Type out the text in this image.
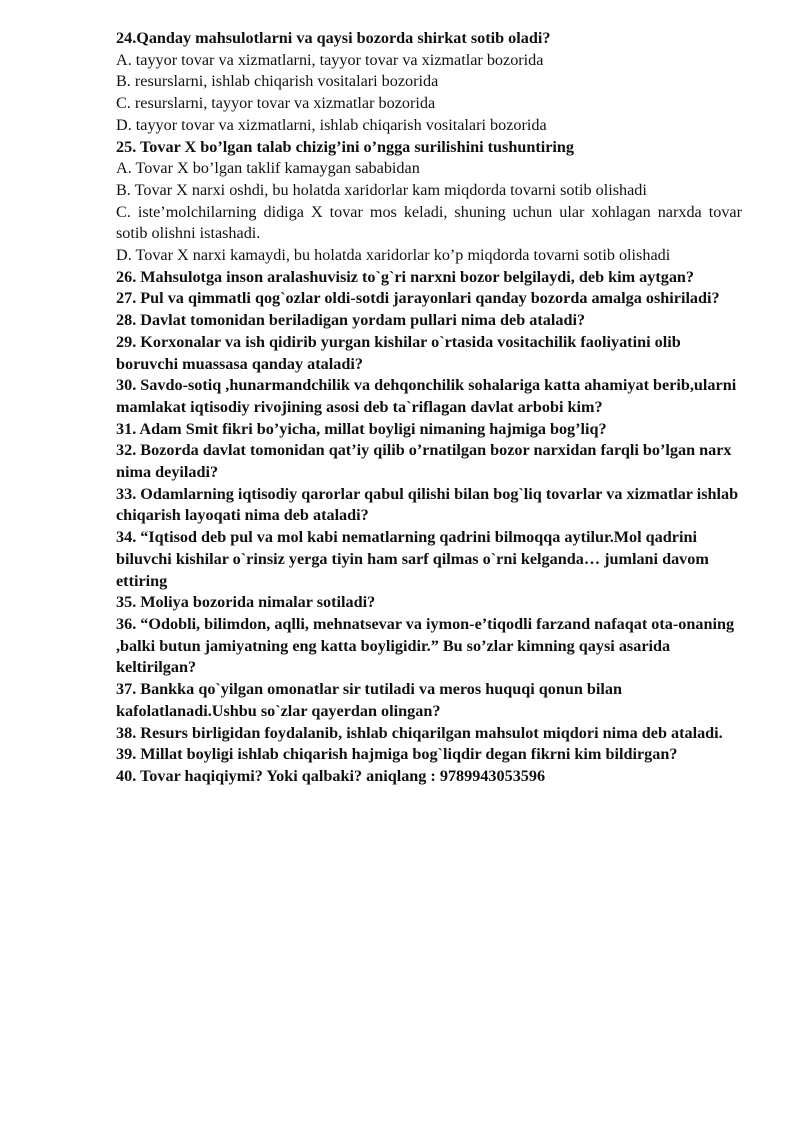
24.Qanday mahsulotlarni va qaysi bozorda shirkat sotib oladi?

A. tayyor tovar va xizmatlarni, tayyor tovar va xizmatlar bozorida

B. resurslarni, ishlab chiqarish vositalari bozorida

C. resurslarni, tayyor tovar va xizmatlar bozorida

D. tayyor tovar va xizmatlarni, ishlab chiqarish vositalari bozorida

25. Tovar X bo’lgan talab chizig’ini o’ngga surilishini tushuntiring

A. Tovar X bo’lgan taklif kamaygan sababidan

B. Tovar X narxi oshdi, bu holatda xaridorlar kam miqdorda tovarni sotib olishadi

C. iste’molchilarning didiga X tovar mos keladi, shuning uchun ular xohlagan narxda tovar sotib olishni istashadi.

D. Tovar X narxi kamaydi, bu holatda xaridorlar ko’p miqdorda tovarni sotib olishadi

26. Mahsulotga inson aralashuvisiz to`g`ri narxni bozor belgilaydi, deb kim aytgan?

27. Pul va qimmatli qog`ozlar oldi-sotdi jarayonlari qanday bozorda amalga oshiriladi?

28. Davlat tomonidan beriladigan yordam pullari nima deb ataladi?

29. Korxonalar va ish qidirib yurgan kishilar o`rtasida vositachilik faoliyatini olib boruvchi muassasa qanday ataladi?

30. Savdo-sotiq ,hunarmandchilik va dehqonchilik sohalariga katta ahamiyat berib,ularni mamlakat iqtisodiy rivojining asosi deb ta`riflagan davlat arbobi kim?

31. Adam Smit fikri bo’yicha, millat boyligi nimaning hajmiga bog’liq?

32. Bozorda davlat tomonidan qat’iy qilib o’rnatilgan bozor narxidan farqli bo’lgan narx nima deyiladi?

33. Odamlarning iqtisodiy qarorlar qabul qilishi bilan bog`liq tovarlar va xizmatlar ishlab chiqarish layoqati nima deb ataladi?

34. “Iqtisod deb pul va mol kabi nematlarning qadrini bilmoqqa aytilur.Mol qadrini biluvchi kishilar o`rinsiz yerga tiyin ham sarf qilmas o`rni kelganda… jumlani davom ettiring

35. Moliya bozorida nimalar sotiladi?

36. “Odobli, bilimdon, aqlli, mehnatsevar va iymon-e’tiqodli farzand nafaqat ota-onaning ,balki butun jamiyatning eng katta boyligidir.” Bu so’zlar kimning qaysi asarida keltirilgan?

37. Bankka qo`yilgan omonatlar sir tutiladi va meros huquqi qonun bilan kafolatlanadi.Ushbu so`zlar qayerdan olingan?

38. Resurs birligidan foydalanib, ishlab chiqarilgan mahsulot miqdori nima deb ataladi.

39. Millat boyligi ishlab chiqarish hajmiga bog`liqdir degan fikrni kim bildirgan?

40. Tovar haqiqiymi? Yoki qalbaki? aniqlang : 9789943053596
